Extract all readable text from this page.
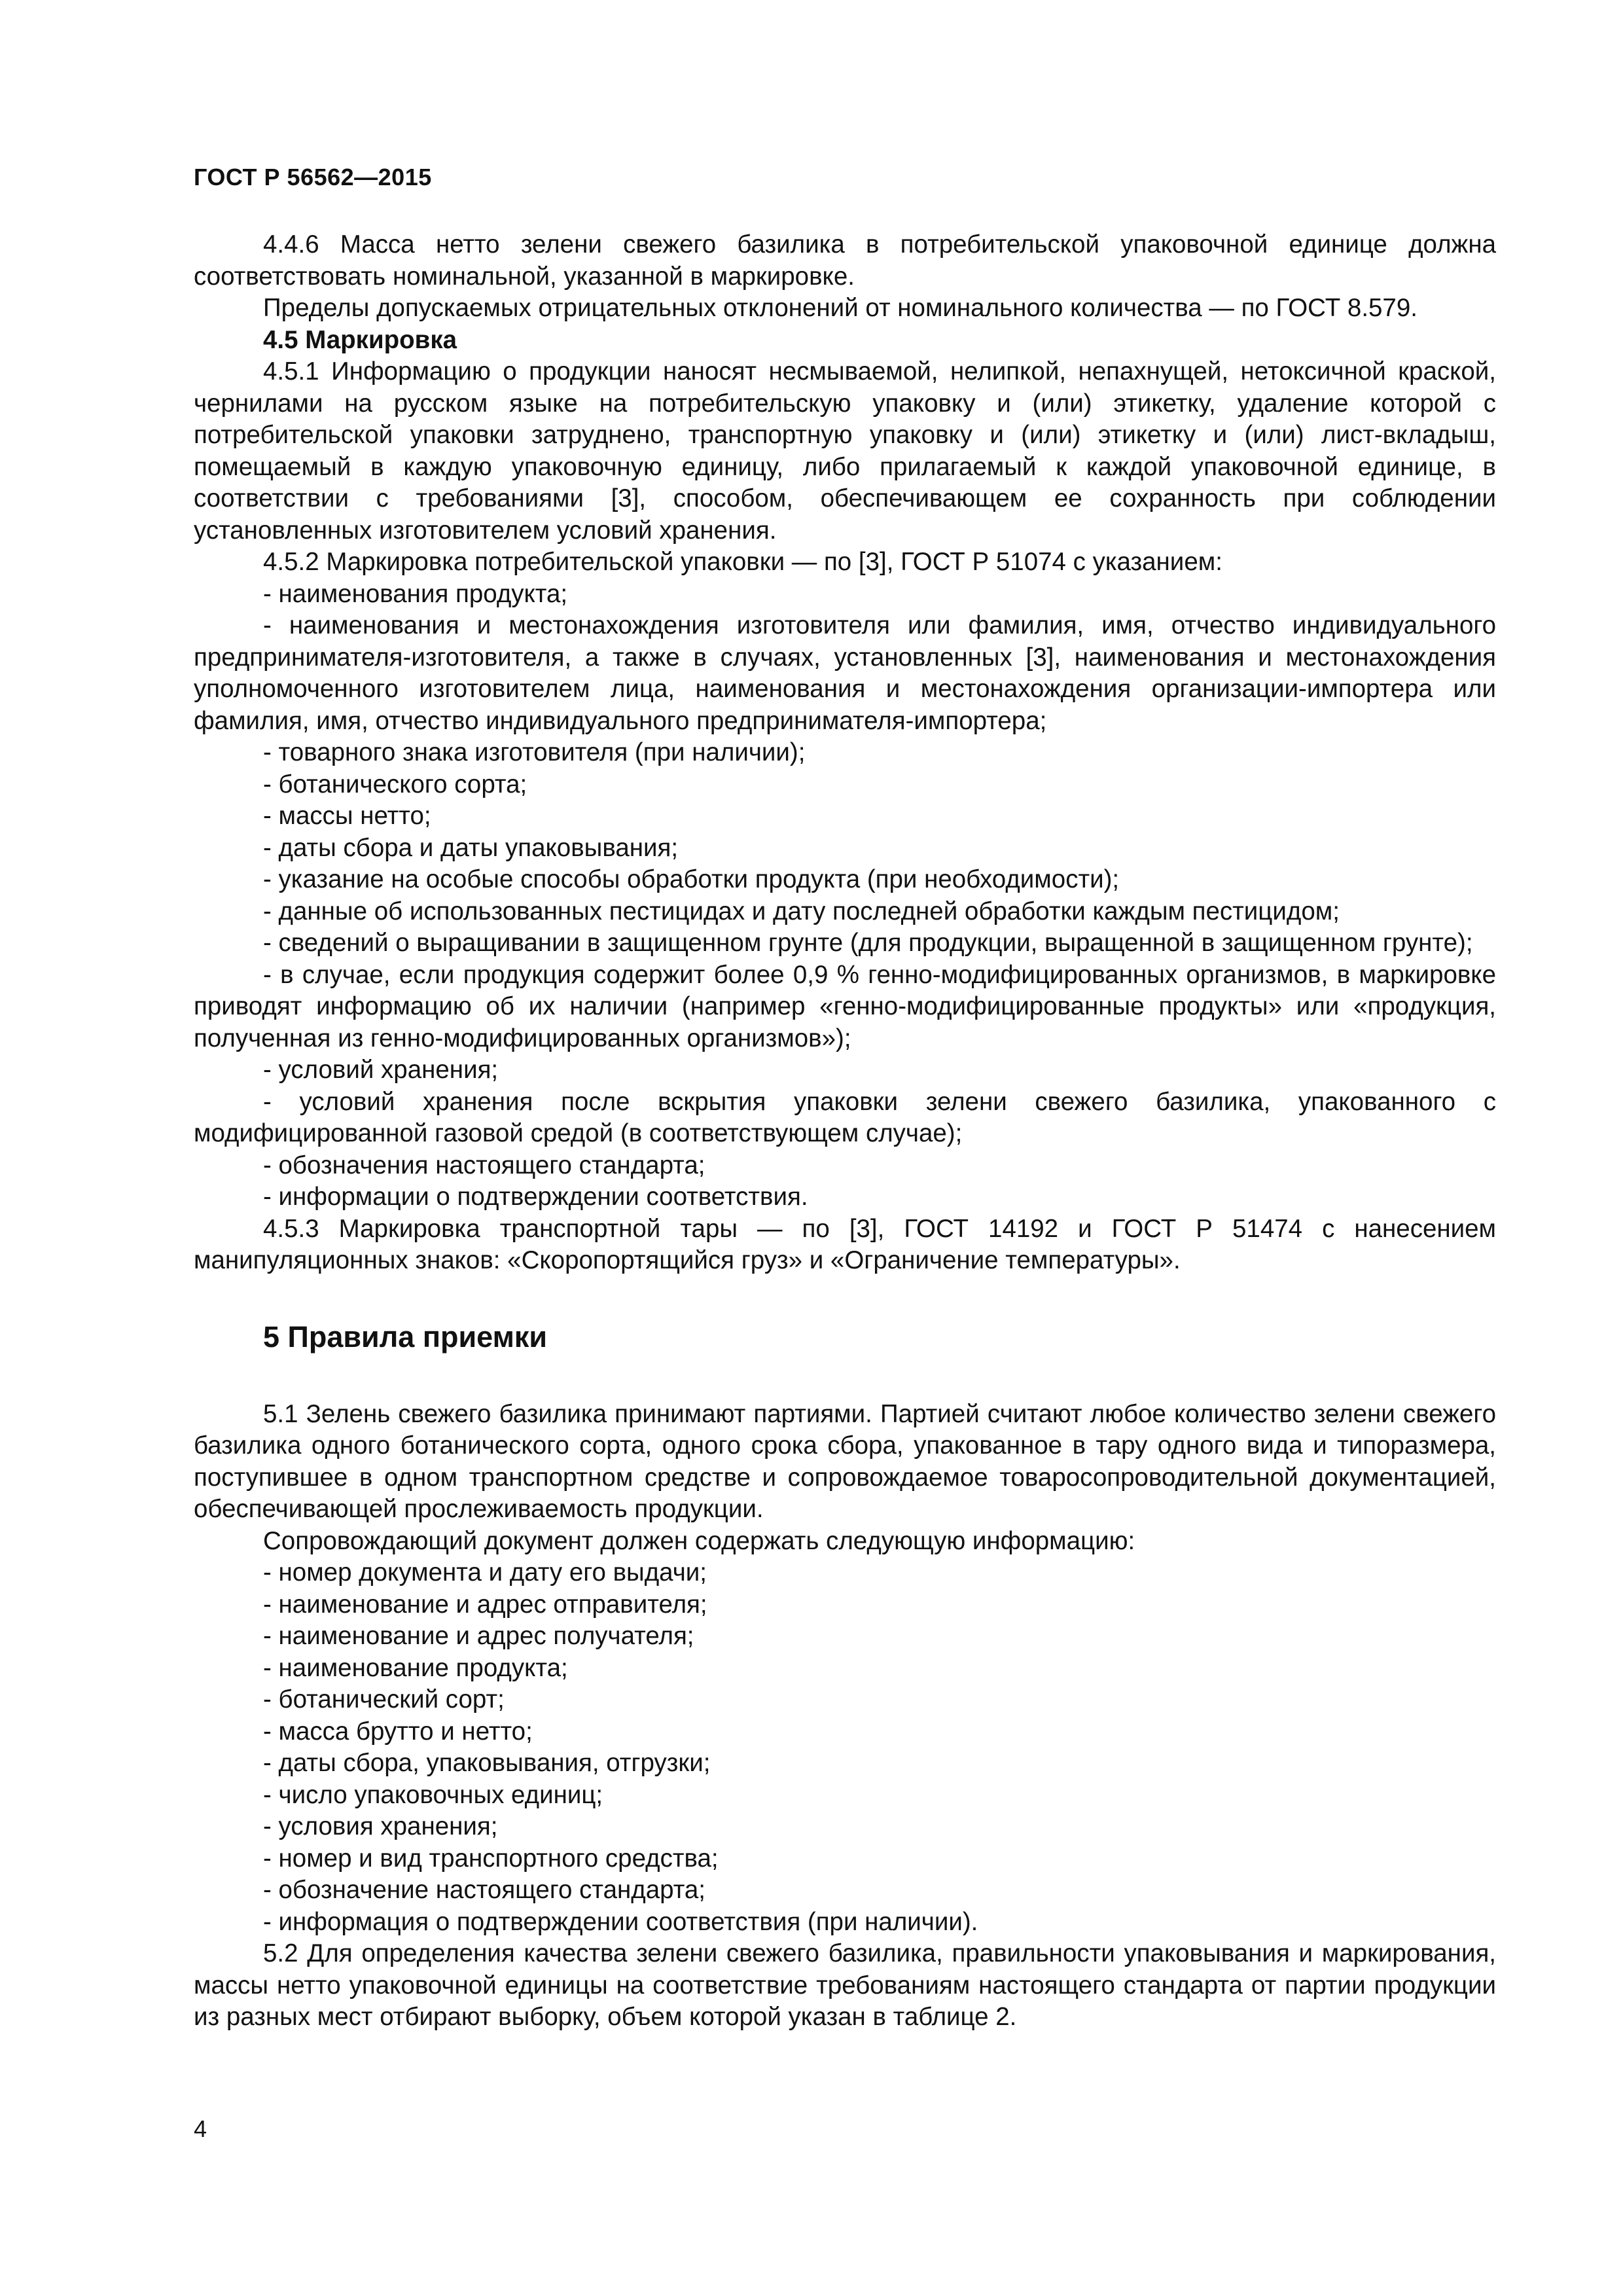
ГОСТ Р 56562—2015

4.4.6 Масса нетто зелени свежего базилика в потребительской упаковочной единице должна соответствовать номинальной, указанной в маркировке.

Пределы допускаемых отрицательных отклонений от номинального количества — по ГОСТ 8.579.

4.5 Маркировка

4.5.1 Информацию о продукции наносят несмываемой, нелипкой, непахнущей, нетоксичной краской, чернилами на русском языке на потребительскую упаковку и (или) этикетку, удаление которой с потребительской упаковки затруднено, транспортную упаковку и (или) этикетку и (или) лист-вкладыш, помещаемый в каждую упаковочную единицу, либо прилагаемый к каждой упаковочной единице, в соответствии с требованиями [3], способом, обеспечивающем ее сохранность при соблюдении установленных изготовителем условий хранения.

4.5.2 Маркировка потребительской упаковки — по [3], ГОСТ Р 51074 с указанием:

- наименования продукта;

- наименования и местонахождения изготовителя или фамилия, имя, отчество индивидуального предпринимателя-изготовителя, а также в случаях, установленных [3], наименования и местонахождения уполномоченного изготовителем лица, наименования и местонахождения организации-импортера или фамилия, имя, отчество индивидуального предпринимателя-импортера;

- товарного знака изготовителя (при наличии);

- ботанического сорта;

- массы нетто;

- даты сбора и даты упаковывания;

- указание на особые способы обработки продукта (при необходимости);

- данные об использованных пестицидах и дату последней обработки каждым пестицидом;

- сведений о выращивании в защищенном грунте (для продукции, выращенной в защищенном грунте);

- в случае, если продукция содержит более 0,9 % генно-модифицированных организмов, в маркировке приводят информацию об их наличии (например «генно-модифицированные продукты» или «продукция, полученная из генно-модифицированных организмов»);

- условий хранения;

- условий хранения после вскрытия упаковки зелени свежего базилика, упакованного с модифицированной газовой средой (в соответствующем случае);

- обозначения настоящего стандарта;

- информации о подтверждении соответствия.

4.5.3 Маркировка транспортной тары — по [3], ГОСТ 14192 и ГОСТ Р 51474 с нанесением манипуляционных знаков: «Скоропортящийся груз» и «Ограничение температуры».

5 Правила приемки

5.1 Зелень свежего базилика принимают партиями. Партией считают любое количество зелени свежего базилика одного ботанического сорта, одного срока сбора, упакованное в тару одного вида и типоразмера, поступившее в одном транспортном средстве и сопровождаемое товаросопроводительной документацией, обеспечивающей прослеживаемость продукции.

Сопровождающий документ должен содержать следующую информацию:

- номер документа и дату его выдачи;

- наименование и адрес отправителя;

- наименование и адрес получателя;

- наименование продукта;

- ботанический сорт;

- масса брутто и нетто;

- даты сбора, упаковывания, отгрузки;

- число упаковочных единиц;

- условия хранения;

- номер и вид транспортного средства;

- обозначение настоящего стандарта;

- информация о подтверждении соответствия (при наличии).

5.2 Для определения качества зелени свежего базилика, правильности упаковывания и маркирования, массы нетто упаковочной единицы на соответствие требованиям настоящего стандарта от партии продукции из разных мест отбирают выборку, объем которой указан в таблице 2.

4
